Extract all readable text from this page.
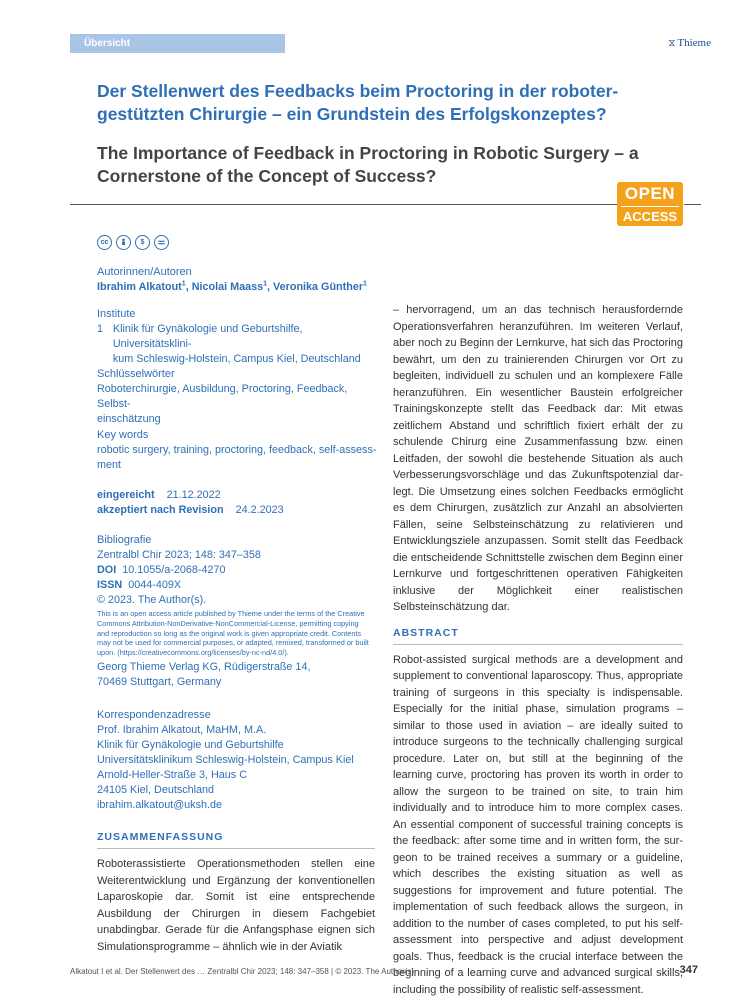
Übersicht	⧖ Thieme
Der Stellenwert des Feedbacks beim Proctoring in der robotergestützten Chirurgie – ein Grundstein des Erfolgskonzeptes?
The Importance of Feedback in Proctoring in Robotic Surgery – a Cornerstone of the Concept of Success?
OPEN
ACCESS
cc	$
Autorinnen/Autoren
Ibrahim Alkatout$^1$, Nicolai Maass$^1$, Veronika Günther$^1$
Institute
1 Klinik für Gynäkologie und Geburtshilfe, Universitätsklini-
kum Schleswig-Holstein, Campus Kiel, Deutschland
Schlüsselwörter
Roboterchirurgie, Ausbildung, Proctoring, Feedback, Selbst-
einschätzung
Key words
robotic surgery, training, proctoring, feedback, self-assess-
ment
eingereicht 21.12.2022
akzeptiert nach Revision 24.2.2023
Bibliografie
Zentralbl Chir 2023; 148: 347–358
DOI 10.1055/a-2068-4270
ISSN 0044-409X
© 2023. The Author(s).
This is an open access article published by Thieme under the terms of the Creative
Commons Attribution-NonDerivative-NonCommercial-License, permitting copying
and reproduction so long as the original work is given appropriate credit. Contents
may not be used for commercial purposes, or adapted, remixed, transformed or built
upon. (https://creativecommons.org/licenses/by-nc-nd/4.0/).
Georg Thieme Verlag KG, Rüdigerstraße 14,
70469 Stuttgart, Germany
Korrespondenzadresse
Prof. Ibrahim Alkatout, MaHM, M.A.
Klinik für Gynäkologie und Geburtshilfe
Universitätsklinikum Schleswig-Holstein, Campus Kiel
Arnold-Heller-Straße 3, Haus C
24105 Kiel, Deutschland
ibrahim.alkatout@uksh.de
ZUSAMMENFASSUNG
Roboterassistierte Operationsmethoden stellen eine Weiterentwicklung und Ergänzung der konventionellen Laparoskopie dar. Somit ist eine entsprechende Ausbildung der Chirurgen in diesem Fachgebiet unabdingbar. Gerade für die Anfangsphase eignen sich Simulationsprogramme – ähnlich wie in der Aviatik
– hervorragend, um an das technisch herausfordernde Operationsverfahren heranzuführen. Im weiteren Verlauf, aber noch zu Beginn der Lernkurve, hat sich das Proctoring bewährt, um den zu trainierenden Chirurgen vor Ort zu begleiten, individuell zu schulen und an komplexere Fälle heranzuführen. Ein wesentlicher Baustein erfolgreicher Trainingskonzepte stellt das Feedback dar: Mit etwas zeitlichem Abstand und schriftlich fixiert erhält der zu schulende Chirurg eine Zusammenfassung bzw. einen Leitfaden, der sowohl die bestehende Situation als auch Verbesserungsvorschläge und das Zukunftspotenzial darlegt. Die Umsetzung eines solchen Feedbacks ermöglicht es dem Chirurgen, zusätzlich zur Anzahl an absolvierten Fällen, seine Selbsteinschätzung zu relativieren und Entwicklungsziele anzupassen. Somit stellt das Feedback die entscheidende Schnittstelle zwischen dem Beginn einer Lernkurve und fortgeschrittenen operativen Fähigkeiten inklusive der Möglichkeit einer realistischen Selbsteinschätzung dar.
ABSTRACT
Robot-assisted surgical methods are a development and supplement to conventional laparoscopy. Thus, appropriate training of surgeons in this specialty is indispensable. Especially for the initial phase, simulation programs – similar to those used in aviation – are ideally suited to introduce surgeons to the technically challenging surgical procedure. Later on, but still at the beginning of the learning curve, proctoring has proven its worth in order to allow the surgeon to be trained on site, to train him individually and to introduce him to more complex cases. An essential component of successful training concepts is the feedback: after some time and in written form, the surgeon to be trained receives a summary or a guideline, which describes the existing situation as well as suggestions for improvement and future potential. The implementation of such feedback allows the surgeon, in addition to the number of cases completed, to put his self-assessment into perspective and adjust development goals. Thus, feedback is the crucial interface between the beginning of a learning curve and advanced surgical skills, including the possibility of realistic self-assessment.
Alkatout I et al. Der Stellenwert des … Zentralbl Chir 2023; 148: 347–358 | © 2023. The Author(s).	347
